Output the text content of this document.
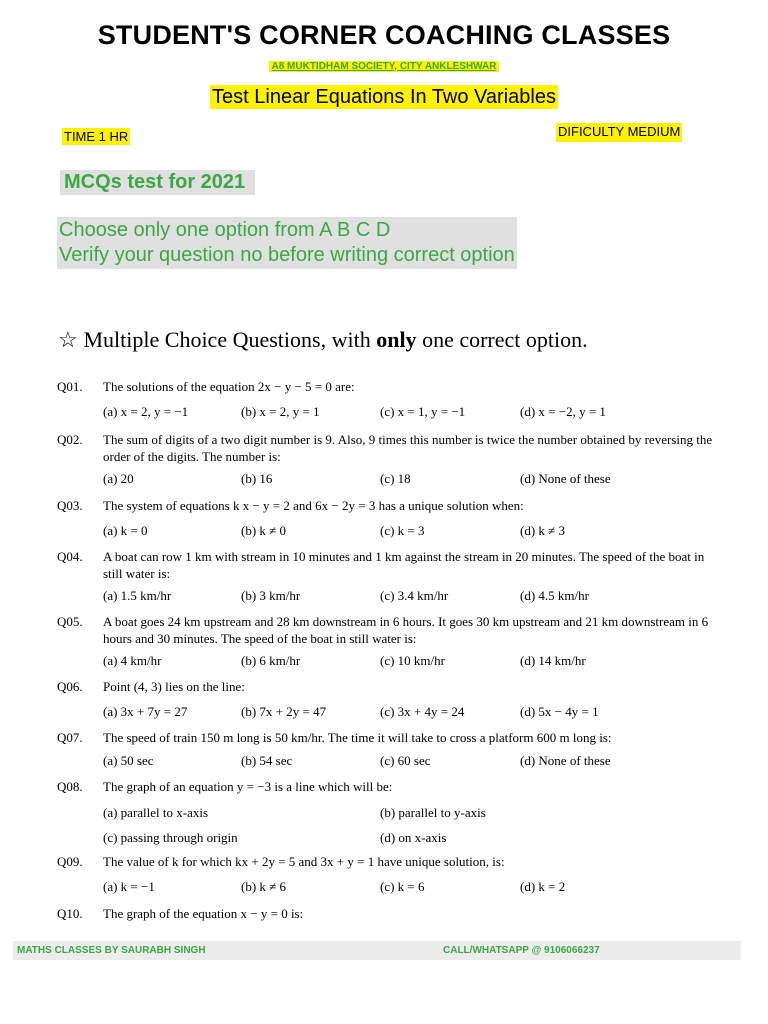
STUDENT'S CORNER COACHING CLASSES
A8 MUKTIDHAM SOCIETY, CITY ANKLESHWAR
Test Linear Equations In Two Variables
TIME 1 HR	DIFICULTY MEDIUM
MCQs test for 2021
Choose only one option from A B C D
Verify your question no before writing correct option
☆ Multiple Choice Questions, with only one correct option.
Q01. The solutions of the equation 2x − y − 5 = 0 are:
(a) x = 2, y = −1	(b) x = 2, y = 1	(c) x = 1, y = −1	(d) x = −2, y = 1
Q02. The sum of digits of a two digit number is 9. Also, 9 times this number is twice the number obtained by reversing the order of the digits. The number is:
(a) 20	(b) 16	(c) 18	(d) None of these
Q03. The system of equations k x − y = 2 and 6x − 2y = 3 has a unique solution when:
(a) k = 0	(b) k ≠ 0	(c) k = 3	(d) k ≠ 3
Q04. A boat can row 1 km with stream in 10 minutes and 1 km against the stream in 20 minutes. The speed of the boat in still water is:
(a) 1.5 km/hr	(b) 3 km/hr	(c) 3.4 km/hr	(d) 4.5 km/hr
Q05. A boat goes 24 km upstream and 28 km downstream in 6 hours. It goes 30 km upstream and 21 km downstream in 6 hours and 30 minutes. The speed of the boat in still water is:
(a) 4 km/hr	(b) 6 km/hr	(c) 10 km/hr	(d) 14 km/hr
Q06. Point (4, 3) lies on the line:
(a) 3x + 7y = 27	(b) 7x + 2y = 47	(c) 3x + 4y = 24	(d) 5x − 4y = 1
Q07. The speed of train 150 m long is 50 km/hr. The time it will take to cross a platform 600 m long is:
(a) 50 sec	(b) 54 sec	(c) 60 sec	(d) None of these
Q08. The graph of an equation y = −3 is a line which will be:
(a) parallel to x-axis	(b) parallel to y-axis
(c) passing through origin	(d) on x-axis
Q09. The value of k for which kx + 2y = 5 and 3x + y = 1 have unique solution, is:
(a) k = −1	(b) k ≠ 6	(c) k = 6	(d) k = 2
Q10. The graph of the equation x − y = 0 is:
MATHS CLASSES BY SAURABH SINGH	CALL/WHATSAPP @ 9106066237
